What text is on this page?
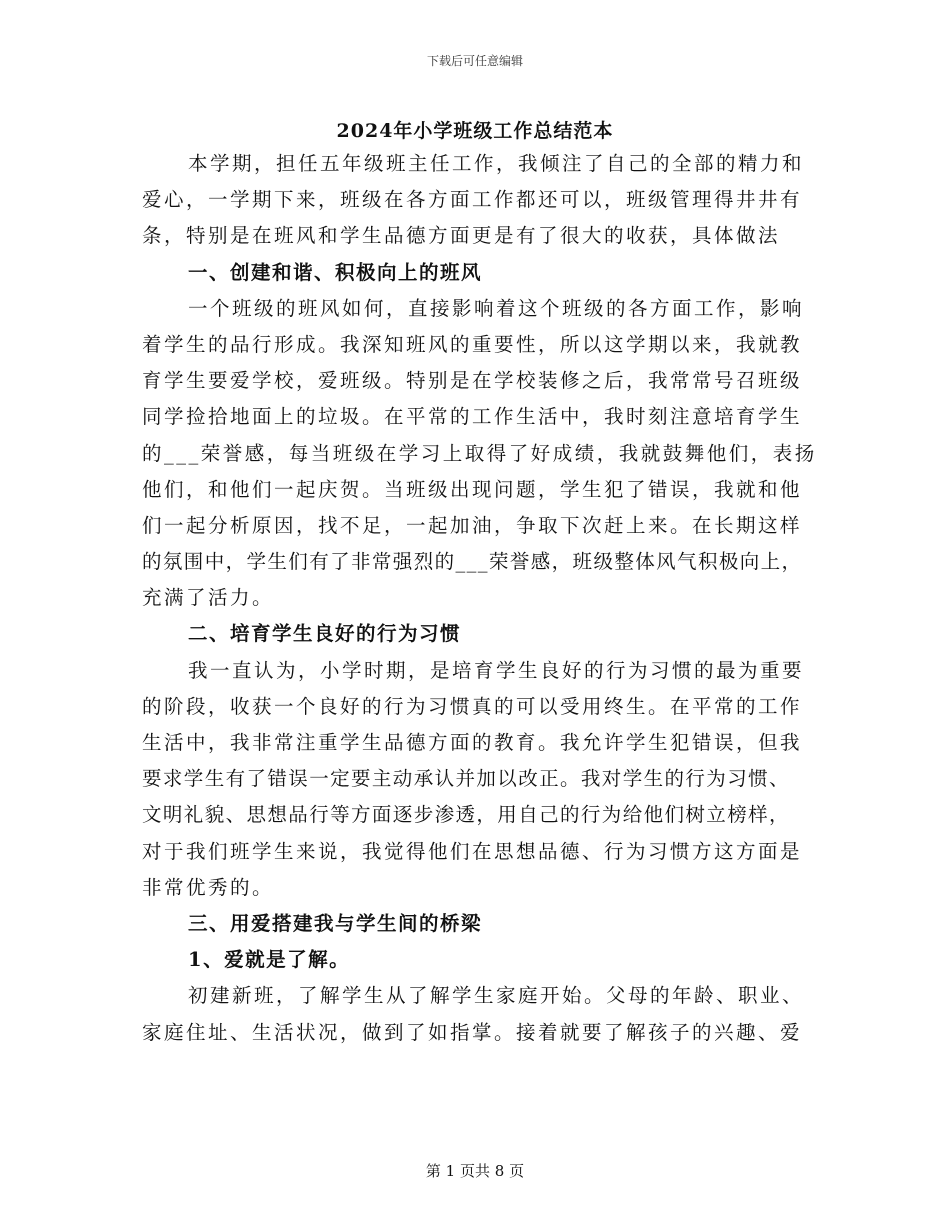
下载后可任意编辑
2024年小学班级工作总结范本
本学期，担任五年级班主任工作，我倾注了自己的全部的精力和
爱心，一学期下来，班级在各方面工作都还可以，班级管理得井井有
条，特别是在班风和学生品德方面更是有了很大的收获，具体做法
一、创建和谐、积极向上的班风
一个班级的班风如何，直接影响着这个班级的各方面工作，影响
着学生的品行形成。我深知班风的重要性，所以这学期以来，我就教
育学生要爱学校，爱班级。特别是在学校装修之后，我常常号召班级
同学捡拾地面上的垃圾。在平常的工作生活中，我时刻注意培育学生
的___荣誉感，每当班级在学习上取得了好成绩，我就鼓舞他们，表扬
他们，和他们一起庆贺。当班级出现问题，学生犯了错误，我就和他
们一起分析原因，找不足，一起加油，争取下次赶上来。在长期这样
的氛围中，学生们有了非常强烈的___荣誉感，班级整体风气积极向上，
充满了活力。
二、培育学生良好的行为习惯
我一直认为，小学时期，是培育学生良好的行为习惯的最为重要
的阶段，收获一个良好的行为习惯真的可以受用终生。在平常的工作
生活中，我非常注重学生品德方面的教育。我允许学生犯错误，但我
要求学生有了错误一定要主动承认并加以改正。我对学生的行为习惯、
文明礼貌、思想品行等方面逐步渗透，用自己的行为给他们树立榜样，
对于我们班学生来说，我觉得他们在思想品德、行为习惯方这方面是
非常优秀的。
三、用爱搭建我与学生间的桥梁
1、爱就是了解。
初建新班，了解学生从了解学生家庭开始。父母的年龄、职业、
家庭住址、生活状况，做到了如指掌。接着就要了解孩子的兴趣、爱
第 1 页共 8 页
